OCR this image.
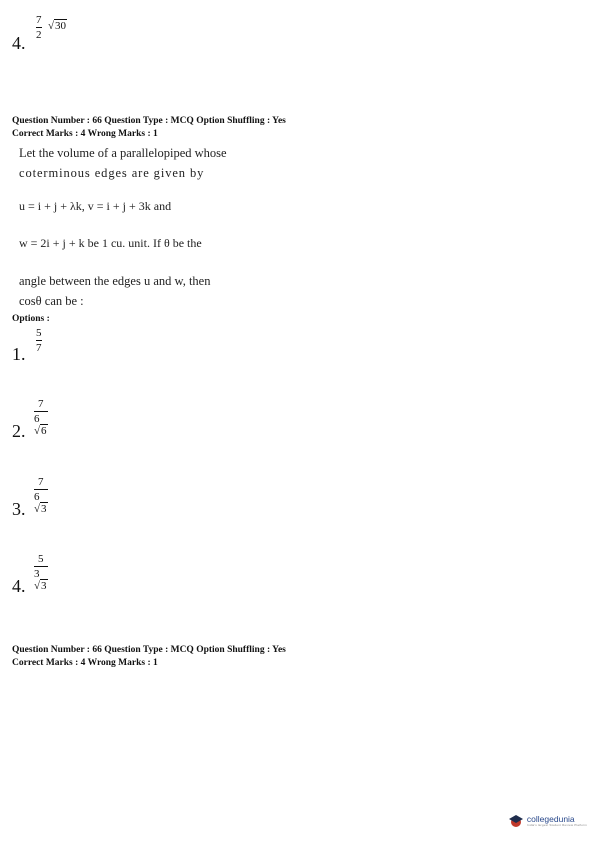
4.
7
2
√30
Question Number : 66 Question Type : MCQ Option Shuffling : Yes
Correct Marks : 4 Wrong Marks : 1
Let the volume of a parallelopiped whose
coterminous edges are given by
u = i + j + λk, v = i + j + 3k and
w = 2i + j + k be 1 cu. unit. If θ be the
angle between the edges u and w, then
cosθ can be :
Options :
1.
5
7
2.
7
6√6
3.
7
6√3
4.
5
3√3
Question Number : 66 Question Type : MCQ Option Shuffling : Yes
Correct Marks : 4 Wrong Marks : 1
collegedunia
India's largest Student Review Platform
